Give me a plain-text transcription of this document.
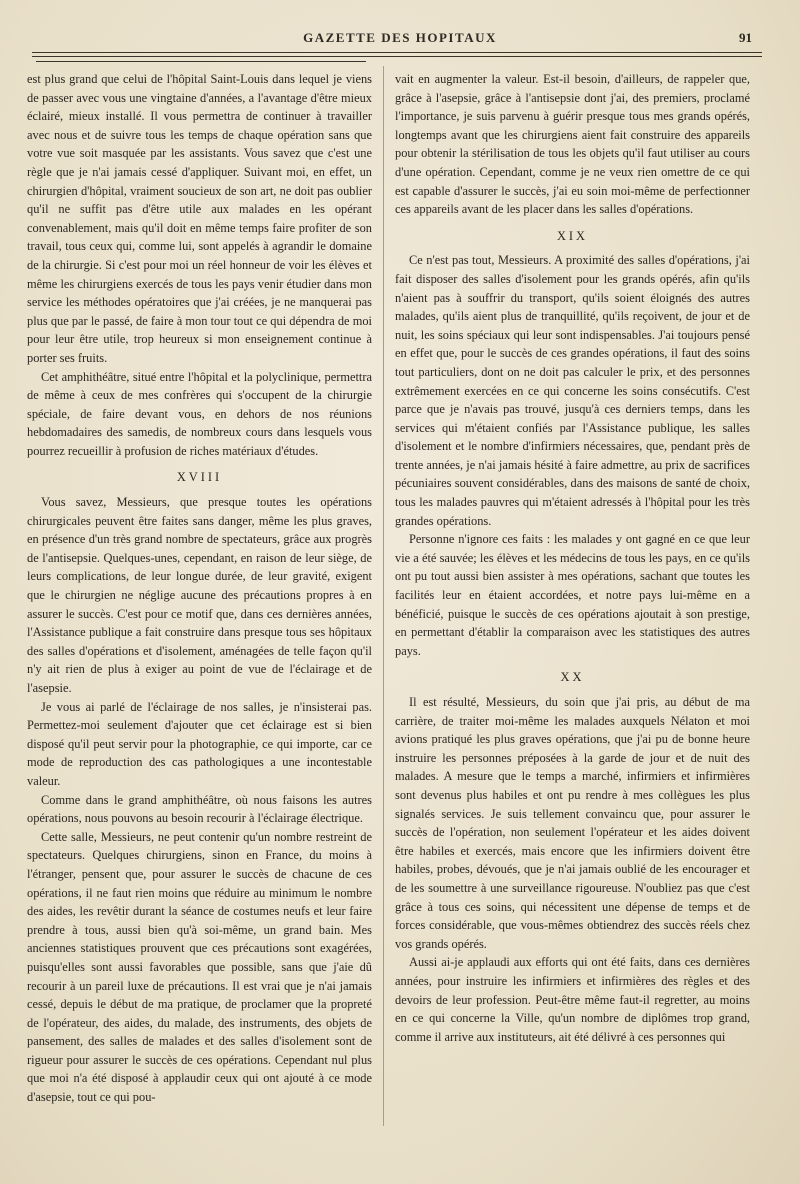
GAZETTE DES HOPITAUX	91

est plus grand que celui de l'hôpital Saint-Louis dans lequel je viens de passer avec vous une vingtaine d'années, a l'avantage d'être mieux éclairé, mieux installé. Il vous permettra de continuer à travailler avec nous et de suivre tous les temps de chaque opération sans que votre vue soit masquée par les assistants. Vous savez que c'est une règle que je n'ai jamais cessé d'appliquer. Suivant moi, en effet, un chirurgien d'hôpital, vraiment soucieux de son art, ne doit pas oublier qu'il ne suffit pas d'être utile aux malades en les opérant convenablement, mais qu'il doit en même temps faire profiter de son travail, tous ceux qui, comme lui, sont appelés à agrandir le domaine de la chirurgie. Si c'est pour moi un réel honneur de voir les élèves et même les chirurgiens exercés de tous les pays venir étudier dans mon service les méthodes opératoires que j'ai créées, je ne manquerai pas plus que par le passé, de faire à mon tour tout ce qui dépendra de moi pour leur être utile, trop heureux si mon enseignement continue à porter ses fruits.

Cet amphithéâtre, situé entre l'hôpital et la polyclinique, permettra de même à ceux de mes confrères qui s'occupent de la chirurgie spéciale, de faire devant vous, en dehors de nos réunions hebdomadaires des samedis, de nombreux cours dans lesquels vous pourrez recueillir à profusion de riches matériaux d'études.

XVIII

Vous savez, Messieurs, que presque toutes les opérations chirurgicales peuvent être faites sans danger, même les plus graves, en présence d'un très grand nombre de spectateurs, grâce aux progrès de l'antisepsie. Quelques-unes, cependant, en raison de leur siège, de leurs complications, de leur longue durée, de leur gravité, exigent que le chirurgien ne néglige aucune des précautions propres à en assurer le succès. C'est pour ce motif que, dans ces dernières années, l'Assistance publique a fait construire dans presque tous ses hôpitaux des salles d'opérations et d'isolement, aménagées de telle façon qu'il n'y ait rien de plus à exiger au point de vue de l'éclairage et de l'asepsie.

Je vous ai parlé de l'éclairage de nos salles, je n'insisterai pas. Permettez-moi seulement d'ajouter que cet éclairage est si bien disposé qu'il peut servir pour la photographie, ce qui importe, car ce mode de reproduction des cas pathologiques a une incontestable valeur.

Comme dans le grand amphithéâtre, où nous faisons les autres opérations, nous pouvons au besoin recourir à l'éclairage électrique.

Cette salle, Messieurs, ne peut contenir qu'un nombre restreint de spectateurs. Quelques chirurgiens, sinon en France, du moins à l'étranger, pensent que, pour assurer le succès de chacune de ces opérations, il ne faut rien moins que réduire au minimum le nombre des aides, les revêtir durant la séance de costumes neufs et leur faire prendre à tous, aussi bien qu'à soi-même, un grand bain. Mes anciennes statistiques prouvent que ces précautions sont exagérées, puisqu'elles sont aussi favorables que possible, sans que j'aie dû recourir à un pareil luxe de précautions. Il est vrai que je n'ai jamais cessé, depuis le début de ma pratique, de proclamer que la propreté de l'opérateur, des aides, du malade, des instruments, des objets de pansement, des salles de malades et des salles d'isolement sont de rigueur pour assurer le succès de ces opérations. Cependant nul plus que moi n'a été disposé à applaudir ceux qui ont ajouté à ce mode d'asepsie, tout ce qui pou-

vait en augmenter la valeur. Est-il besoin, d'ailleurs, de rappeler que, grâce à l'asepsie, grâce à l'antisepsie dont j'ai, des premiers, proclamé l'importance, je suis parvenu à guérir presque tous mes grands opérés, longtemps avant que les chirurgiens aient fait construire des appareils pour obtenir la stérilisation de tous les objets qu'il faut utiliser au cours d'une opération. Cependant, comme je ne veux rien omettre de ce qui est capable d'assurer le succès, j'ai eu soin moi-même de perfectionner ces appareils avant de les placer dans les salles d'opérations.

XIX

Ce n'est pas tout, Messieurs. A proximité des salles d'opérations, j'ai fait disposer des salles d'isolement pour les grands opérés, afin qu'ils n'aient pas à souffrir du transport, qu'ils soient éloignés des autres malades, qu'ils aient plus de tranquillité, qu'ils reçoivent, de jour et de nuit, les soins spéciaux qui leur sont indispensables. J'ai toujours pensé en effet que, pour le succès de ces grandes opérations, il faut des soins tout particuliers, dont on ne doit pas calculer le prix, et des personnes extrêmement exercées en ce qui concerne les soins consécutifs. C'est parce que je n'avais pas trouvé, jusqu'à ces derniers temps, dans les services qui m'étaient confiés par l'Assistance publique, les salles d'isolement et le nombre d'infirmiers nécessaires, que, pendant près de trente années, je n'ai jamais hésité à faire admettre, au prix de sacrifices pécuniaires souvent considérables, dans des maisons de santé de choix, tous les malades pauvres qui m'étaient adressés à l'hôpital pour les très grandes opérations.

Personne n'ignore ces faits : les malades y ont gagné en ce que leur vie a été sauvée; les élèves et les médecins de tous les pays, en ce qu'ils ont pu tout aussi bien assister à mes opérations, sachant que toutes les facilités leur en étaient accordées, et notre pays lui-même en a bénéficié, puisque le succès de ces opérations ajoutait à son prestige, en permettant d'établir la comparaison avec les statistiques des autres pays.

XX

Il est résulté, Messieurs, du soin que j'ai pris, au début de ma carrière, de traiter moi-même les malades auxquels Nélaton et moi avions pratiqué les plus graves opérations, que j'ai pu de bonne heure instruire les personnes préposées à la garde de jour et de nuit des malades. A mesure que le temps a marché, infirmiers et infirmières sont devenus plus habiles et ont pu rendre à mes collègues les plus signalés services. Je suis tellement convaincu que, pour assurer le succès de l'opération, non seulement l'opérateur et les aides doivent être habiles et exercés, mais encore que les infirmiers doivent être habiles, probes, dévoués, que je n'ai jamais oublié de les encourager et de les soumettre à une surveillance rigoureuse. N'oubliez pas que c'est grâce à tous ces soins, qui nécessitent une dépense de temps et de forces considérable, que vous-mêmes obtiendrez des succès réels chez vos grands opérés.

Aussi ai-je applaudi aux efforts qui ont été faits, dans ces dernières années, pour instruire les infirmiers et infirmières des règles et des devoirs de leur profession. Peut-être même faut-il regretter, au moins en ce qui concerne la Ville, qu'un nombre de diplômes trop grand, comme il arrive aux instituteurs, ait été délivré à ces personnes qui
